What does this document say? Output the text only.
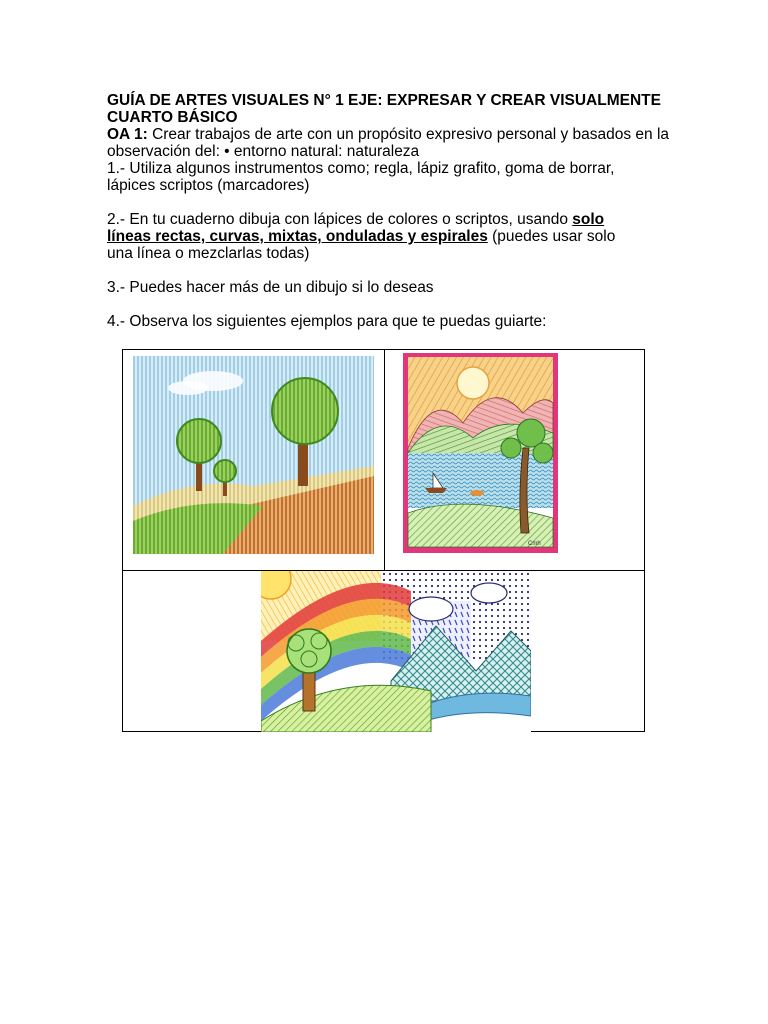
GUÍA DE ARTES VISUALES N° 1 EJE: EXPRESAR Y CREAR VISUALMENTE
CUARTO BÁSICO
OA 1: Crear trabajos de arte con un propósito expresivo personal y basados en la
observación del: • entorno natural: naturaleza
1.- Utiliza algunos instrumentos como; regla, lápiz grafito, goma de borrar,
lápices scriptos (marcadores)
2.- En tu cuaderno dibuja con lápices de colores o scriptos, usando solo
líneas rectas, curvas, mixtas, onduladas y espirales (puedes usar solo
una línea o mezclarlas todas)
3.- Puedes hacer más de un dibujo si lo deseas
4.- Observa los siguientes ejemplos para que te puedas guiarte:
Cmh
